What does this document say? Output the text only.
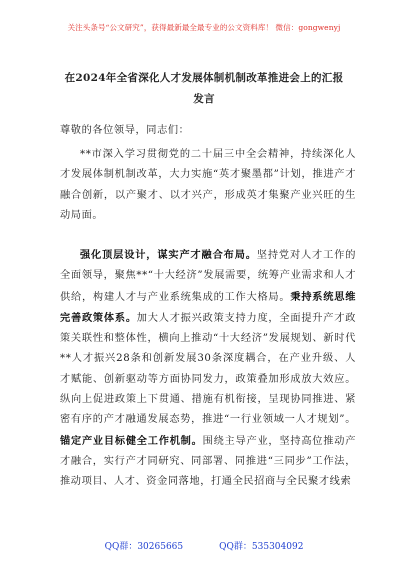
关注头条号“公文研究”，获得最新最全最专业的公文资料库！ 微信：gongwenyj
在2024年全省深化人才发展体制机制改革推进会上的汇报
发言
尊敬的各位领导，同志们：
**市深入学习贯彻党的二十届三中全会精神，持续深化人才发展体制机制改革，大力实施“英才聚墨都”计划，推进产才融合创新，以产聚才、以才兴产，形成英才集聚产业兴旺的生动局面。
强化顶层设计，谋实产才融合布局。坚持党对人才工作的全面领导，聚焦**“十大经济”发展需要，统筹产业需求和人才供给，构建人才与产业系统集成的工作大格局。秉持系统思维完善政策体系。加大人才振兴政策支持力度，全面提升产才政策关联性和整体性，横向上推动“十大经济”发展规划、新时代**人才振兴28条和创新发展30条深度耦合，在产业升级、人才赋能、创新驱动等方面协同发力，政策叠加形成放大效应。纵向上促进政策上下贯通、措施有机衔接，呈现协同推进、紧密有序的产才融通发展态势，推进“一行业领域一人才规划”。锚定产业目标健全工作机制。围绕主导产业，坚持高位推动产才融合，实行产才同研究、同部署、同推进“三同步”工作法，推动项目、人才、资金同落地，打通全民招商与全民聚才线索
QQ群：30265665	QQ群：535304092
